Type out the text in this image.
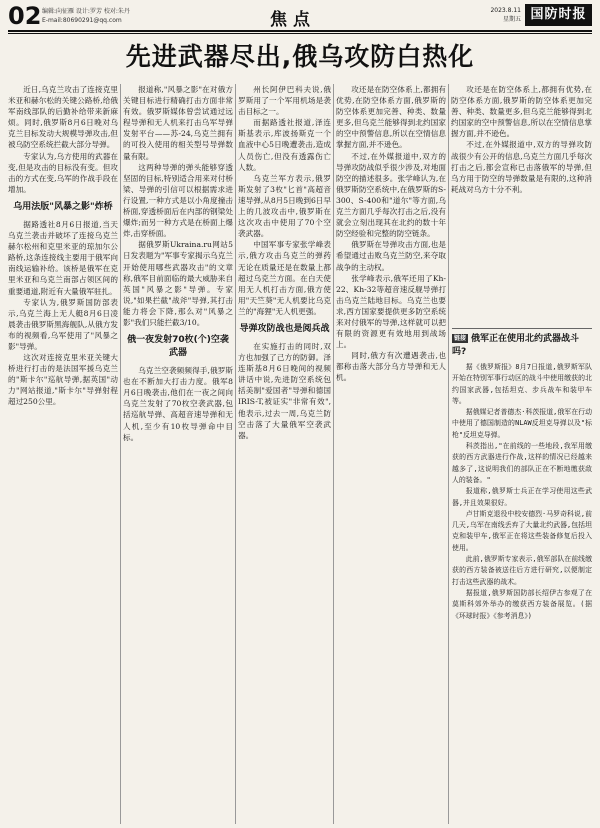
02 编辑:向征雁 设计:罗芳 校对:朱丹
E-mail:80690291@qq.com	焦点	2023.8.11
星期五 国防时报
先进武器尽出,俄乌攻防白热化

近日,乌克兰攻击了连接克里米亚和赫尔松的关键公路桥,给俄军南线部队的后勤补给带来新麻烦。同时,俄罗斯8月6日晚对乌克兰目标发动大规模导弹攻击,但被乌防空系统拦截大部分导弹。

专家认为,乌方使用的武器在变,但是攻击的目标没有变。但攻击的方式在变,乌军的作战手段在增加。

乌用法版"风暴之影"炸桥

据路透社8月6日报道,当天乌克兰袭击并破坏了连接乌克兰赫尔松州和克里米亚的琼加尔公路桥,这条连接线主要用于俄军向南线运输补给。该桥是俄军在克里米亚和乌克兰南部占领区间的重要通道,附近有大量俄军驻扎。

专家认为,俄罗斯国防部表示,乌克兰海上无人艇8月6日凌晨袭击俄罗斯黑海舰队,从俄方发布的视频看,乌军使用了"风暴之影"导弹。

这次对连接克里米亚关键大桥进行打击的是法国军援乌克兰的"斯卡尔"巡航导弹,据英国"动力"网站报道,"斯卡尔"导弹射程超过250公里。

报道称,"风暴之影"在对俄方关键目标进行精确打击方面非常有效。俄罗斯媒体曾尝试通过远程导弹和无人机来打击乌军导弹发射平台——苏-24,乌克兰拥有的可投入使用的相关型号导弹数量有限。

这两种导弹的弹头能够穿透坚固的目标,特别适合用来对付桥梁、导弹的引信可以根据需求进行设置,一种方式是以小角度撞击桥面,穿透桥面后在内部的钢梁处爆炸;而另一种方式是在桥面上爆炸,击穿桥面。

据俄罗斯Ukraina.ru网站5日发表题为"军事专家揭示乌克兰开始使用哪些武器攻击"的文章称,俄军目前面临的最大威胁来自英国"风暴之影"导弹。专家说,"如果拦截"战斧"导弹,其打击能力将会下降,那么对"风暴之影"我们只能拦截3/10。

俄一夜发射70枚(个)空袭武器

乌克兰空袭频频得手,俄罗斯也在不断加大打击力度。俄军8月6日晚袭击,他们在一夜之间向乌克兰发射了70枚空袭武器,包括巡航导弹、高超音速导弹和无人机,至少有10枚导弹命中目标。

州长阿伊巴科夫说,俄罗斯用了一个军用机场是袭击目标之一。

而据路透社报道,泽连斯基表示,库波扬斯克一个血液中心5日晚遭袭击,造成人员伤亡,但没有透露伤亡人数。

乌克兰军方表示,俄罗斯发射了3枚"匕首"高超音速导弹,从8月5日晚到6日早上的几波攻击中,俄罗斯在这次攻击中使用了70个空袭武器。

中国军事专家张学峰表示,俄方攻击乌克兰的弹药无论在质量还是在数量上都超过乌克兰方面。在白天使用无人机打击方面,俄方使用"天竺葵"无人机要比乌克兰的"海狸"无人机更强。

导弹攻防战也是阅兵战

在实施打击的同时,双方也加强了己方的防御。泽连斯基8月6日晚间的视频讲话中说,先进防空系统包括美制"爱国者"导弹和德国IRIS-T,被证实"非常有效",他表示,过去一周,乌克兰防空击落了大量俄军空袭武器。

攻还是在防空体系上,都拥有优势,在防空体系方面,俄罗斯的防空体系更加完善、种类、数量更多,但乌克兰能够得到北约国家的空中预警信息,所以在空情信息掌握方面,并不逊色。

不过,在外媒报道中,双方的导弹攻防战似乎很少涉及,对地面防空的描述很多。张学峰认为,在俄罗斯防空系统中,在俄罗斯的S-300、S-400和"道尔"等方面,乌克兰方面几乎每次打击之后,没有就会立刻出现其在北约的数十年防空经验和完整的防空链条。

俄罗斯在导弹攻击方面,也是希望通过击败乌克兰防空,来夺取战争的主动权。

张学峰表示,俄军还用了Kh-22、Kh-32等超音速反舰导弹打击乌克兰陆地目标。乌克兰也要求,西方国家要提供更多防空系统来对付俄军的导弹,这样就可以把有限的资源更有效地用到战场上。

同时,俄方有次遭遇袭击,也都称击落大部分乌方导弹和无人机。

攻还是在防空体系上,都拥有优势,在防空体系方面,俄罗斯的防空体系更加完善、种类、数量更多,但乌克兰能够得到北约国家的空中预警信息,所以在空情信息掌握方面,并不逊色。

不过,在外媒报道中,双方的导弹攻防战很少有公开的信息,乌克兰方面几乎每次打击之后,都会宣称已击落俄军的导弹,但乌方用于防空的导弹数量是有限的,这种消耗战对乌方十分不利。

链接 俄军正在使用北约武器战斗吗?

据《俄罗斯报》8月7日报道,俄罗斯军队开始在特别军事行动区的战斗中使用缴获的北约国家武器,包括坦克、步兵战车和装甲车等。

据俄媒记者普德杰·科茨报道,俄军在行动中使用了德国制造的NLAW反坦克导弹以及"标枪"反坦克导弹。

科茨指出,"在前线的一些地段,我军用缴获的西方武器进行作战,这样的情况已经越来越多了,这说明我们的部队正在不断地缴获敌人的装备。"

报道称,俄罗斯士兵正在学习使用这些武器,并且效果很好。

卢甘斯克退役中校安德烈·马罗奇科说,前几天,乌军在南线丢弃了大量北约武器,包括坦克和装甲车,俄军正在将这些装备修复后投入使用。

此前,俄罗斯专家表示,俄军部队在前线缴获的西方装备被送往后方进行研究,以便制定打击这些武器的战术。

据报道,俄罗斯国防部长绍伊古参观了在莫斯科郊外举办的缴获西方装备展览。(据《环球时报》《参考消息》)
